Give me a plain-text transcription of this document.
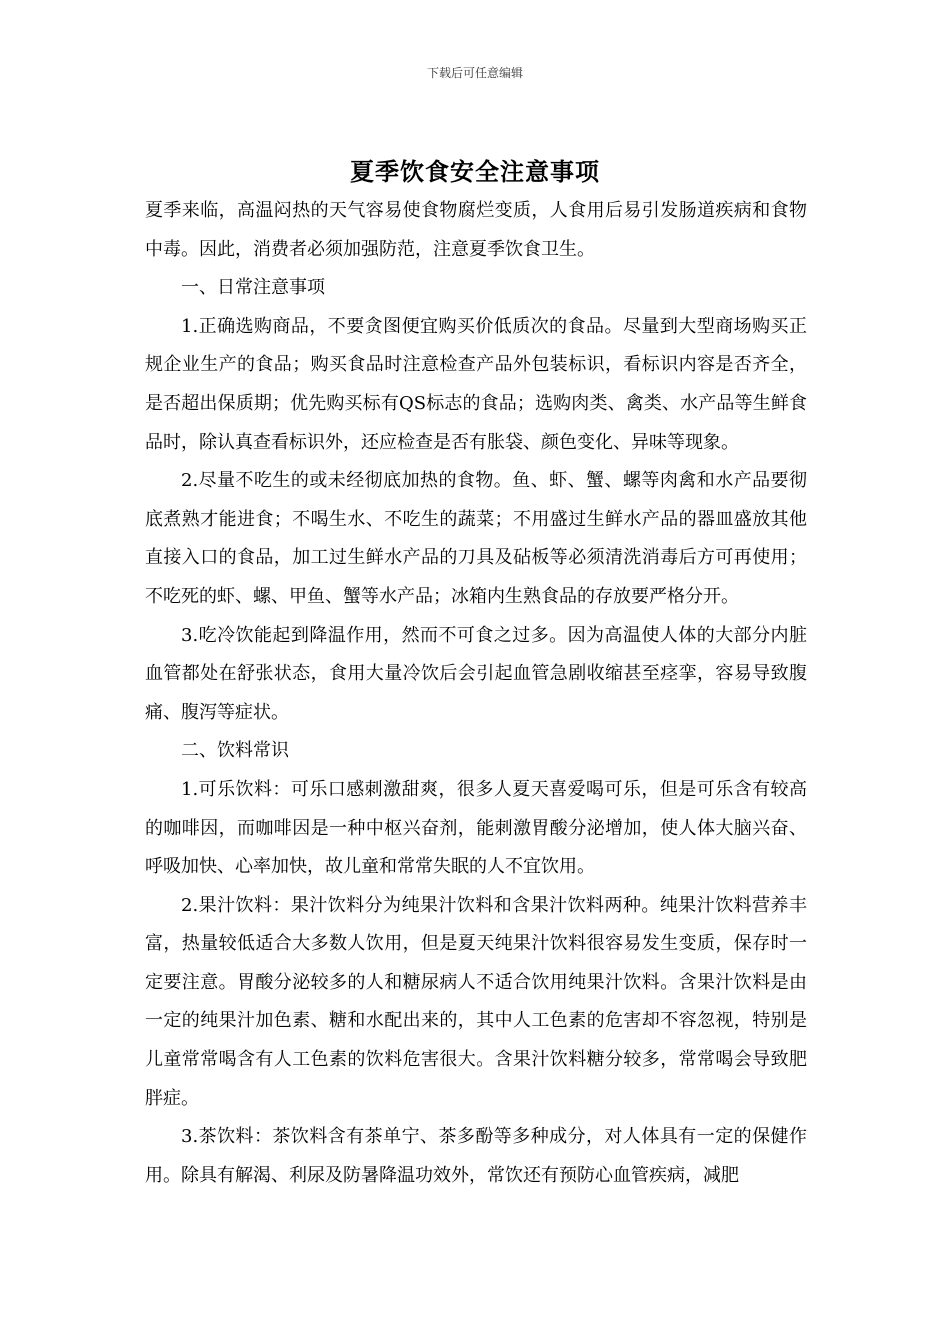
下载后可任意编辑
夏季饮食安全注意事项

夏季来临，高温闷热的天气容易使食物腐烂变质，人食用后易引发肠道疾病和食物中毒。因此，消费者必须加强防范，注意夏季饮食卫生。

一、日常注意事项

1.正确选购商品，不要贪图便宜购买价低质次的食品。尽量到大型商场购买正规企业生产的食品；购买食品时注意检查产品外包装标识，看标识内容是否齐全，是否超出保质期；优先购买标有QS标志的食品；选购肉类、禽类、水产品等生鲜食品时，除认真查看标识外，还应检查是否有胀袋、颜色变化、异味等现象。

2.尽量不吃生的或未经彻底加热的食物。鱼、虾、蟹、螺等肉禽和水产品要彻底煮熟才能进食；不喝生水、不吃生的蔬菜；不用盛过生鲜水产品的器皿盛放其他直接入口的食品，加工过生鲜水产品的刀具及砧板等必须清洗消毒后方可再使用；不吃死的虾、螺、甲鱼、蟹等水产品；冰箱内生熟食品的存放要严格分开。

3.吃冷饮能起到降温作用，然而不可食之过多。因为高温使人体的大部分内脏血管都处在舒张状态，食用大量冷饮后会引起血管急剧收缩甚至痉挛，容易导致腹痛、腹泻等症状。

二、饮料常识

1.可乐饮料：可乐口感刺激甜爽，很多人夏天喜爱喝可乐，但是可乐含有较高的咖啡因，而咖啡因是一种中枢兴奋剂，能刺激胃酸分泌增加，使人体大脑兴奋、呼吸加快、心率加快，故儿童和常常失眠的人不宜饮用。

2.果汁饮料：果汁饮料分为纯果汁饮料和含果汁饮料两种。纯果汁饮料营养丰富，热量较低适合大多数人饮用，但是夏天纯果汁饮料很容易发生变质，保存时一定要注意。胃酸分泌较多的人和糖尿病人不适合饮用纯果汁饮料。含果汁饮料是由一定的纯果汁加色素、糖和水配出来的，其中人工色素的危害却不容忽视，特别是儿童常常喝含有人工色素的饮料危害很大。含果汁饮料糖分较多，常常喝会导致肥胖症。

3.茶饮料：茶饮料含有茶单宁、茶多酚等多种成分，对人体具有一定的保健作用。除具有解渴、利尿及防暑降温功效外，常饮还有预防心血管疾病，减肥
